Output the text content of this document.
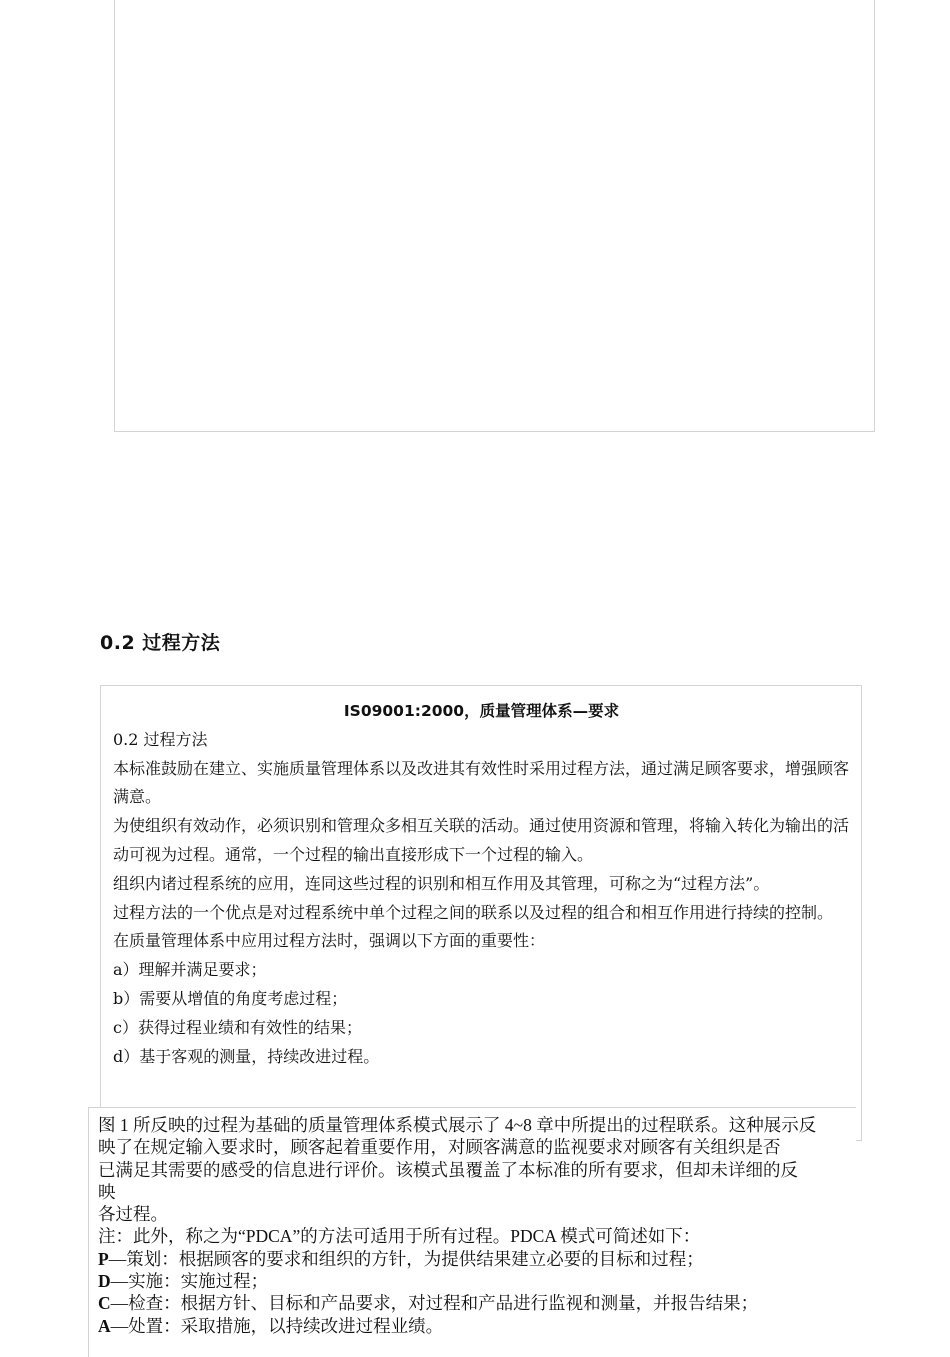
0.2 过程方法
IS09001:2000，质量管理体系—要求

0.2 过程方法

本标准鼓励在建立、实施质量管理体系以及改进其有效性时采用过程方法，通过满足顾客要求，增强顾客满意。

为使组织有效动作，必须识别和管理众多相互关联的活动。通过使用资源和管理，将输入转化为输出的活动可视为过程。通常，一个过程的输出直接形成下一个过程的输入。

组织内诸过程系统的应用，连同这些过程的识别和相互作用及其管理，可称之为“过程方法”。

过程方法的一个优点是对过程系统中单个过程之间的联系以及过程的组合和相互作用进行持续的控制。

在质量管理体系中应用过程方法时，强调以下方面的重要性：

a）理解并满足要求；

b）需要从增值的角度考虑过程；

c）获得过程业绩和有效性的结果；

d）基于客观的测量，持续改进过程。

图 1 所反映的过程为基础的质量管理体系模式展示了 4~8 章中所提出的过程联系。这种展示反

映了在规定输入要求时，顾客起着重要作用，对顾客满意的监视要求对顾客有关组织是否

已满足其需要的感受的信息进行评价。该模式虽覆盖了本标准的所有要求，但却未详细的反

映

各过程。

注：此外，称之为“PDCA”的方法可适用于所有过程。PDCA 模式可简述如下：

P—策划：根据顾客的要求和组织的方针，为提供结果建立必要的目标和过程；

D—实施：实施过程；

C—检查：根据方针、目标和产品要求，对过程和产品进行监视和测量，并报告结果；

A—处置：采取措施，以持续改进过程业绩。
